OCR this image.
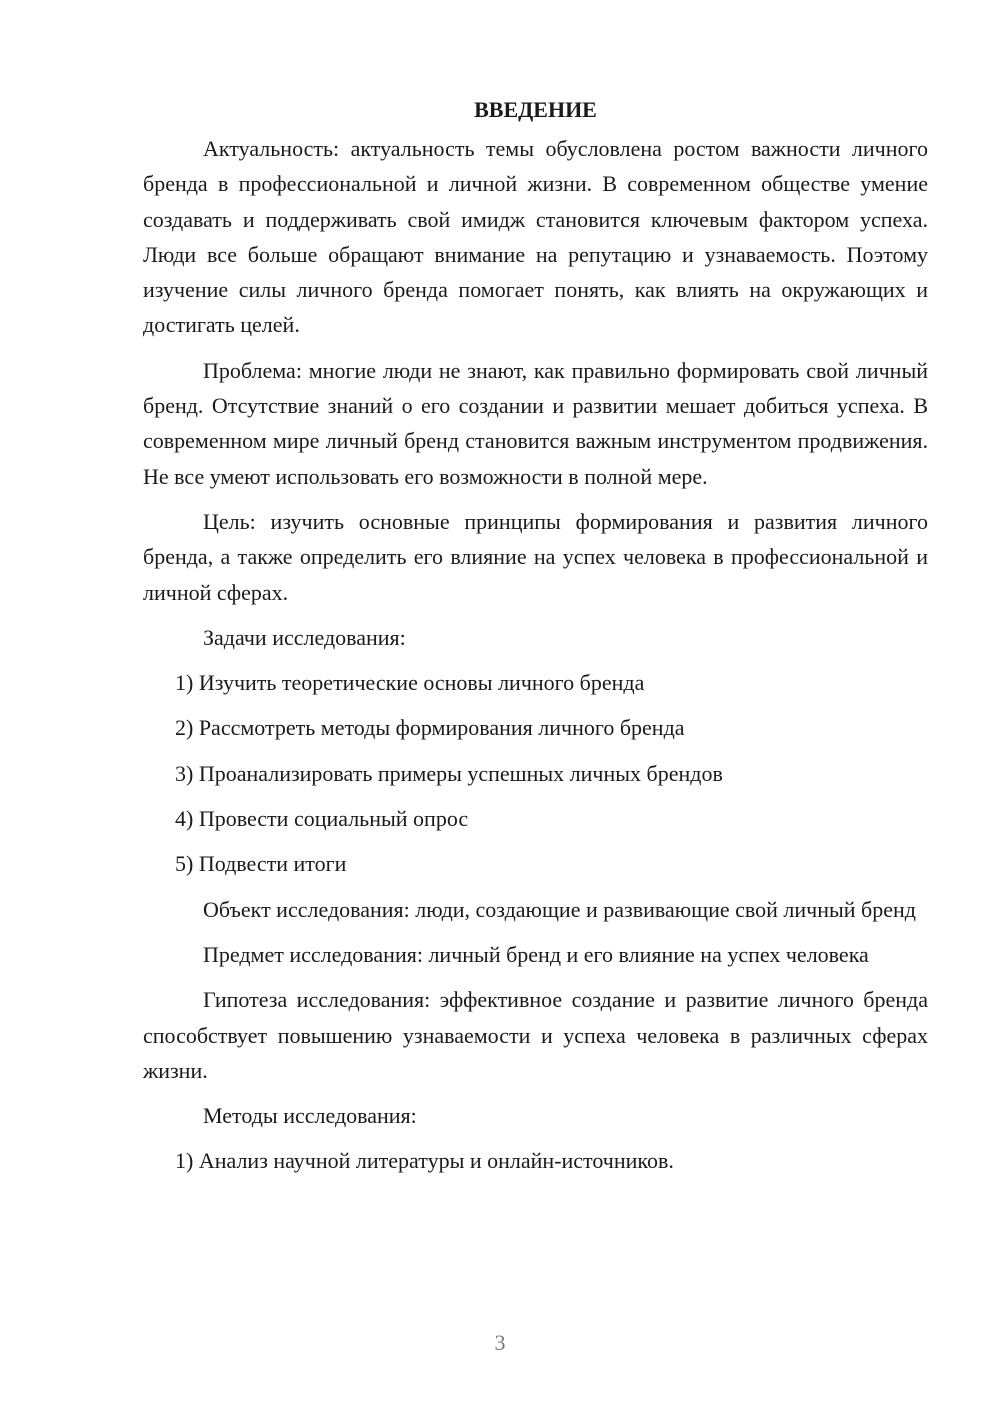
ВВЕДЕНИЕ

Актуальность: актуальность темы обусловлена ростом важности личного бренда в профессиональной и личной жизни. В современном обществе умение создавать и поддерживать свой имидж становится ключевым фактором успеха. Люди все больше обращают внимание на репутацию и узнаваемость. Поэтому изучение силы личного бренда помогает понять, как влиять на окружающих и достигать целей.

Проблема: многие люди не знают, как правильно формировать свой личный бренд. Отсутствие знаний о его создании и развитии мешает добиться успеха. В современном мире личный бренд становится важным инструментом продвижения. Не все умеют использовать его возможности в полной мере.

Цель: изучить основные принципы формирования и развития личного бренда, а также определить его влияние на успех человека в профессиональной и личной сферах.

Задачи исследования:

1) Изучить теоретические основы личного бренда
2) Рассмотреть методы формирования личного бренда
3) Проанализировать примеры успешных личных брендов
4) Провести социальный опрос
5) Подвести итоги

Объект исследования: люди, создающие и развивающие свой личный бренд

Предмет исследования: личный бренд и его влияние на успех человека

Гипотеза исследования: эффективное создание и развитие личного бренда способствует повышению узнаваемости и успеха человека в различных сферах жизни.

Методы исследования:

1) Анализ научной литературы и онлайн-источников.
3
